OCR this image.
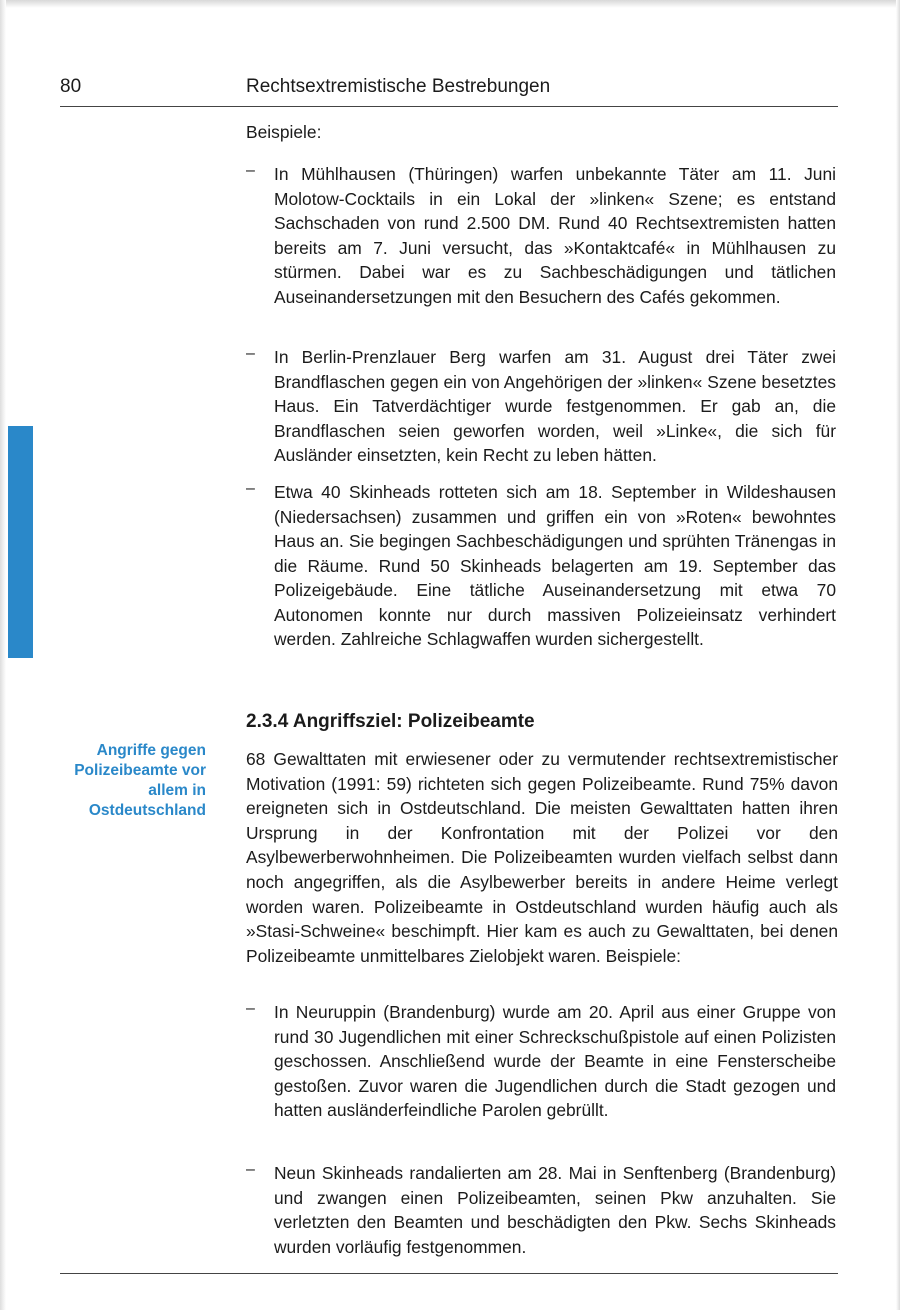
80	Rechtsextremistische Bestrebungen
Beispiele:
–	In Mühlhausen (Thüringen) warfen unbekannte Täter am 11. Juni Molotow-Cocktails in ein Lokal der »linken« Szene; es entstand Sachschaden von rund 2.500 DM. Rund 40 Rechtsextremisten hatten bereits am 7. Juni versucht, das »Kontaktcafé« in Mühlhausen zu stürmen. Dabei war es zu Sachbeschädigungen und tätlichen Auseinandersetzungen mit den Besuchern des Cafés gekommen.
–	In Berlin-Prenzlauer Berg warfen am 31. August drei Täter zwei Brandflaschen gegen ein von Angehörigen der »linken« Szene besetztes Haus. Ein Tatverdächtiger wurde festgenommen. Er gab an, die Brandflaschen seien geworfen worden, weil »Linke«, die sich für Ausländer einsetzten, kein Recht zu leben hätten.
–	Etwa 40 Skinheads rotteten sich am 18. September in Wildeshausen (Niedersachsen) zusammen und griffen ein von »Roten« bewohntes Haus an. Sie begingen Sachbeschädigungen und sprühten Tränengas in die Räume. Rund 50 Skinheads belagerten am 19. September das Polizeigebäude. Eine tätliche Auseinandersetzung mit etwa 70 Autonomen konnte nur durch massiven Polizeieinsatz verhindert werden. Zahlreiche Schlagwaffen wurden sichergestellt.
Angriffe gegen Polizeibeamte vor allem in Ostdeutschland
2.3.4 Angriffsziel: Polizeibeamte
68 Gewalttaten mit erwiesener oder zu vermutender rechtsextremistischer Motivation (1991: 59) richteten sich gegen Polizeibeamte. Rund 75% davon ereigneten sich in Ostdeutschland. Die meisten Gewalttaten hatten ihren Ursprung in der Konfrontation mit der Polizei vor den Asylbewerberwohnheimen. Die Polizeibeamten wurden vielfach selbst dann noch angegriffen, als die Asylbewerber bereits in andere Heime verlegt worden waren. Polizeibeamte in Ostdeutschland wurden häufig auch als »Stasi-Schweine« beschimpft. Hier kam es auch zu Gewalttaten, bei denen Polizeibeamte unmittelbares Zielobjekt waren. Beispiele:
–	In Neuruppin (Brandenburg) wurde am 20. April aus einer Gruppe von rund 30 Jugendlichen mit einer Schreckschußpistole auf einen Polizisten geschossen. Anschließend wurde der Beamte in eine Fensterscheibe gestoßen. Zuvor waren die Jugendlichen durch die Stadt gezogen und hatten ausländerfeindliche Parolen gebrüllt.
–	Neun Skinheads randalierten am 28. Mai in Senftenberg (Brandenburg) und zwangen einen Polizeibeamten, seinen Pkw anzuhalten. Sie verletzten den Beamten und beschädigten den Pkw. Sechs Skinheads wurden vorläufig festgenommen.
